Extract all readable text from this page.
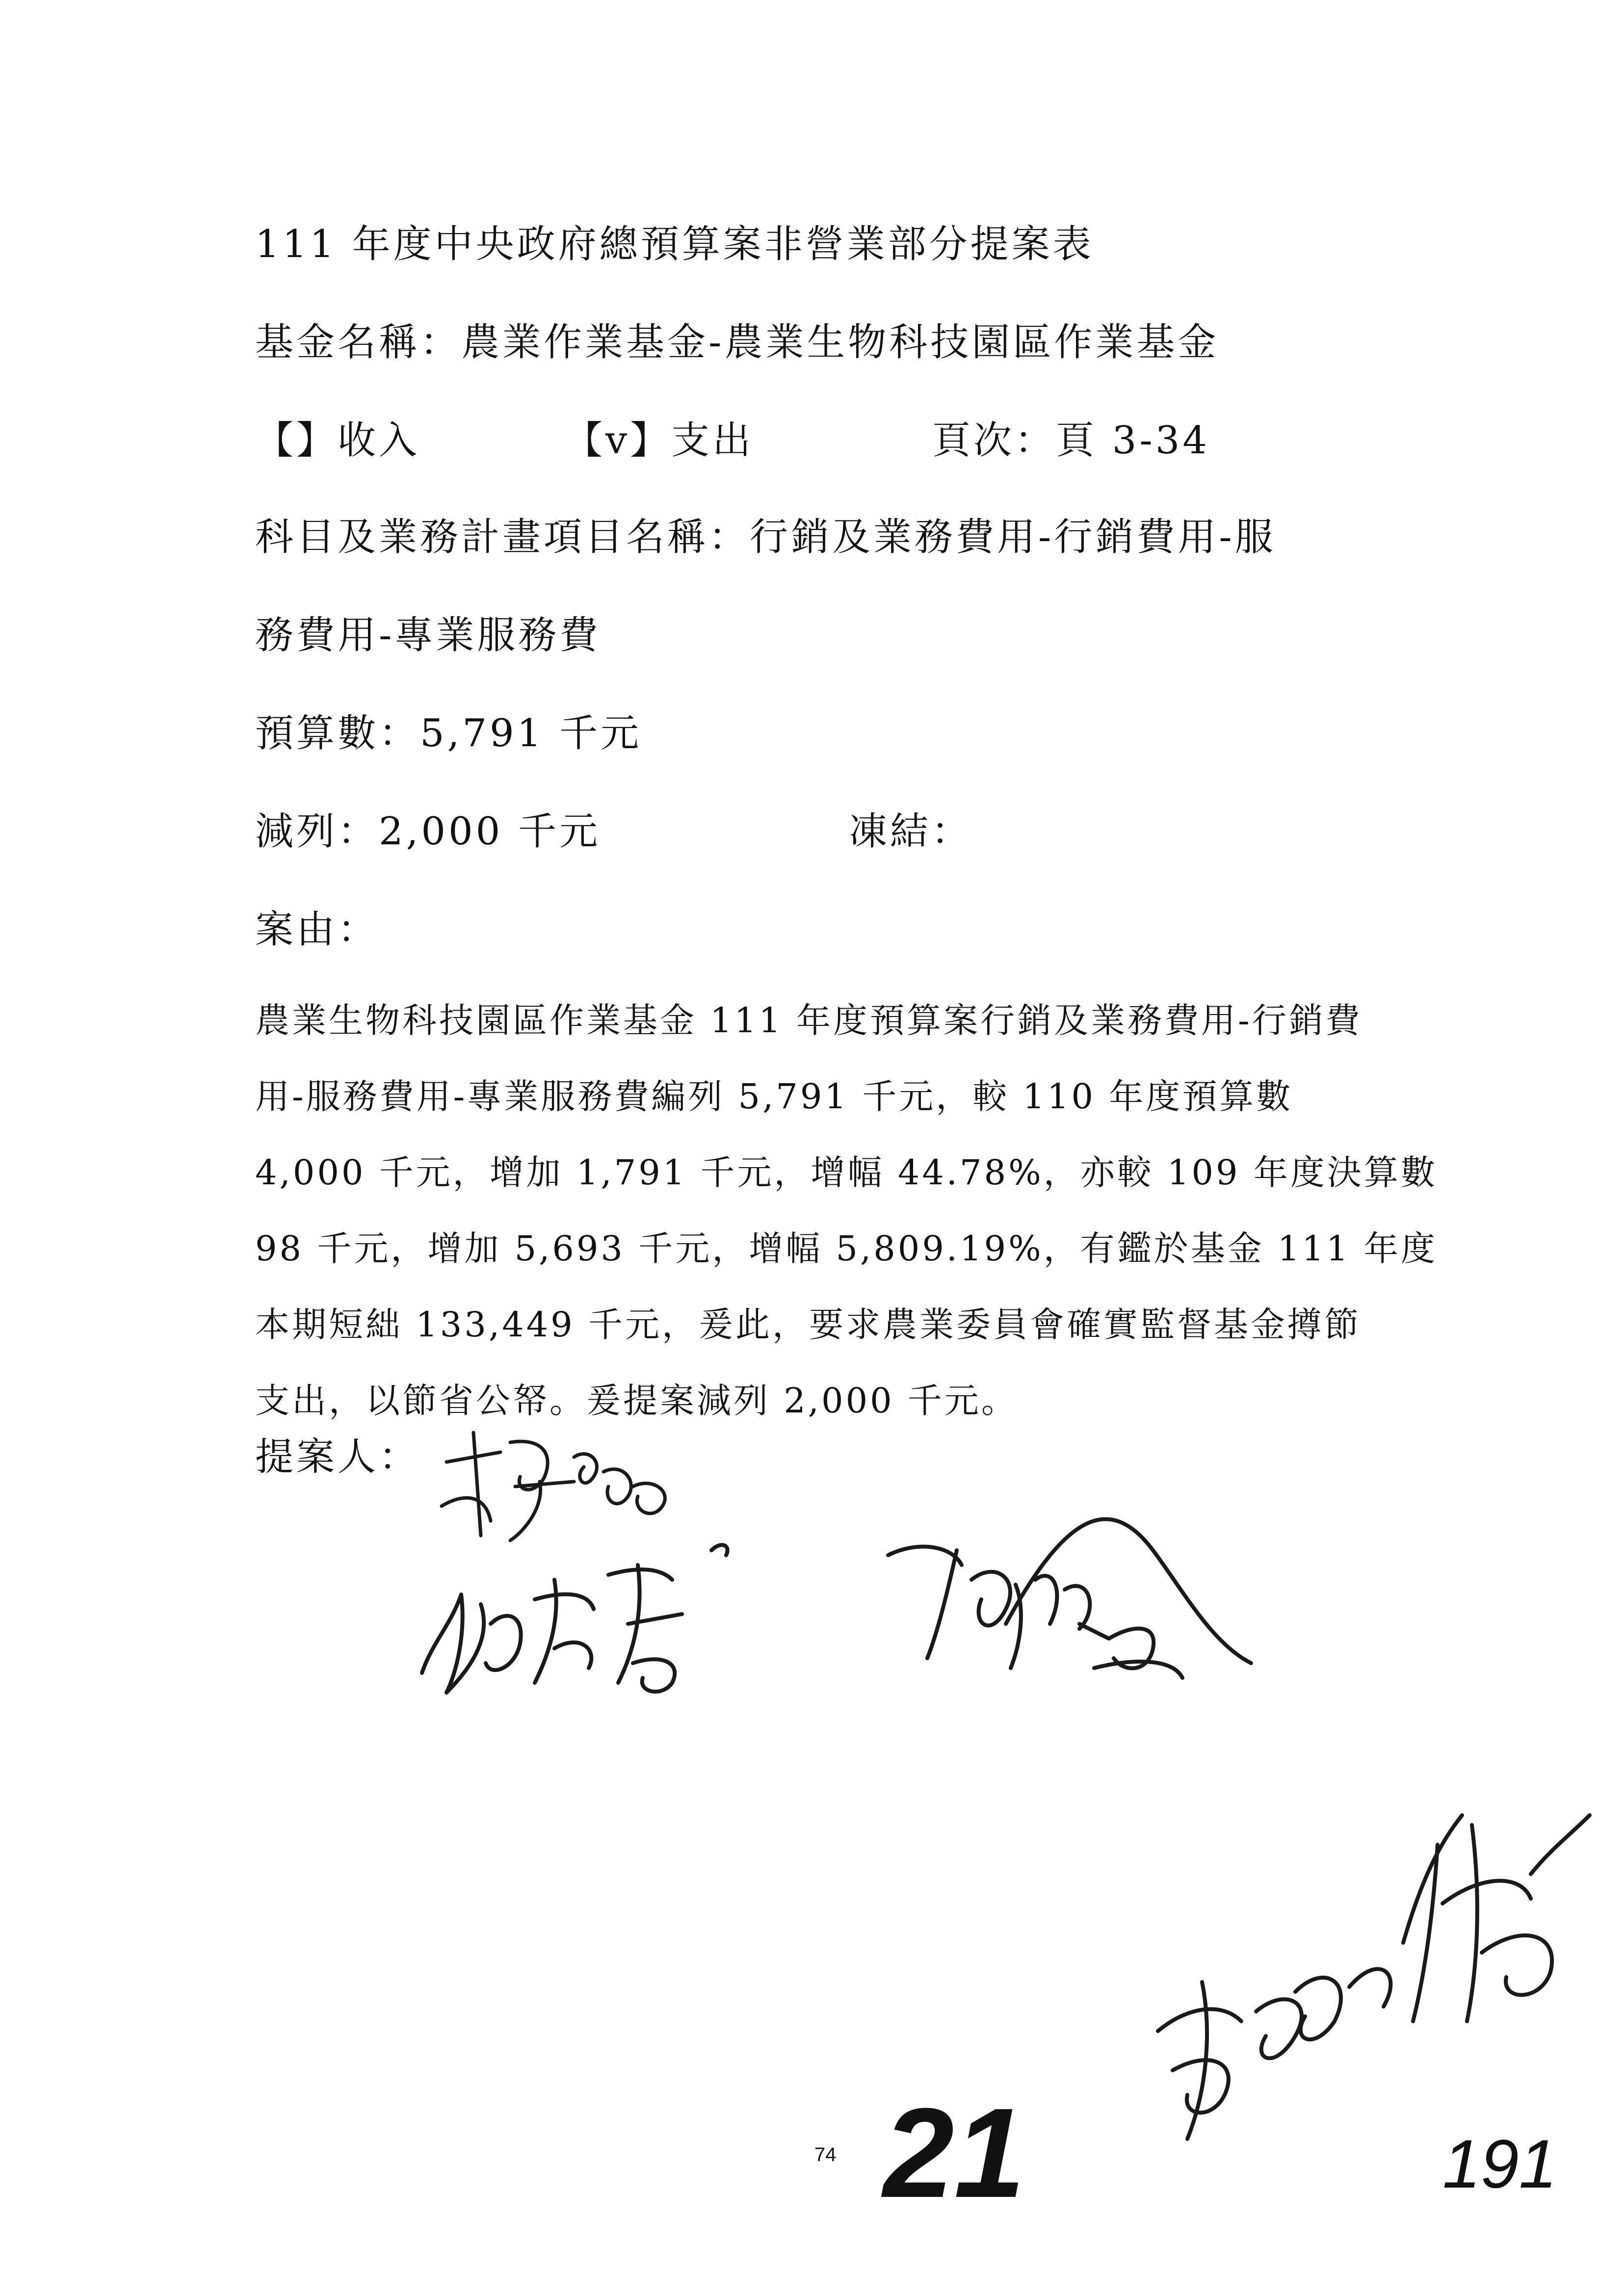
111 年度中央政府總預算案非營業部分提案表
基金名稱：農業作業基金-農業生物科技園區作業基金
【】收入	【v】支出	頁次：頁 3-34
科目及業務計畫項目名稱：行銷及業務費用-行銷費用-服
務費用-專業服務費
預算數：5,791 千元
減列：2,000 千元	凍結：
案由：
農業生物科技園區作業基金 111 年度預算案行銷及業務費用-行銷費
用-服務費用-專業服務費編列 5,791 千元，較 110 年度預算數
4,000 千元，增加 1,791 千元，增幅 44.78%，亦較 109 年度決算數
98 千元，增加 5,693 千元，增幅 5,809.19%，有鑑於基金 111 年度
本期短絀 133,449 千元，爰此，要求農業委員會確實監督基金撙節
支出，以節省公帑。爰提案減列 2,000 千元。
提案人：
74 21	191
